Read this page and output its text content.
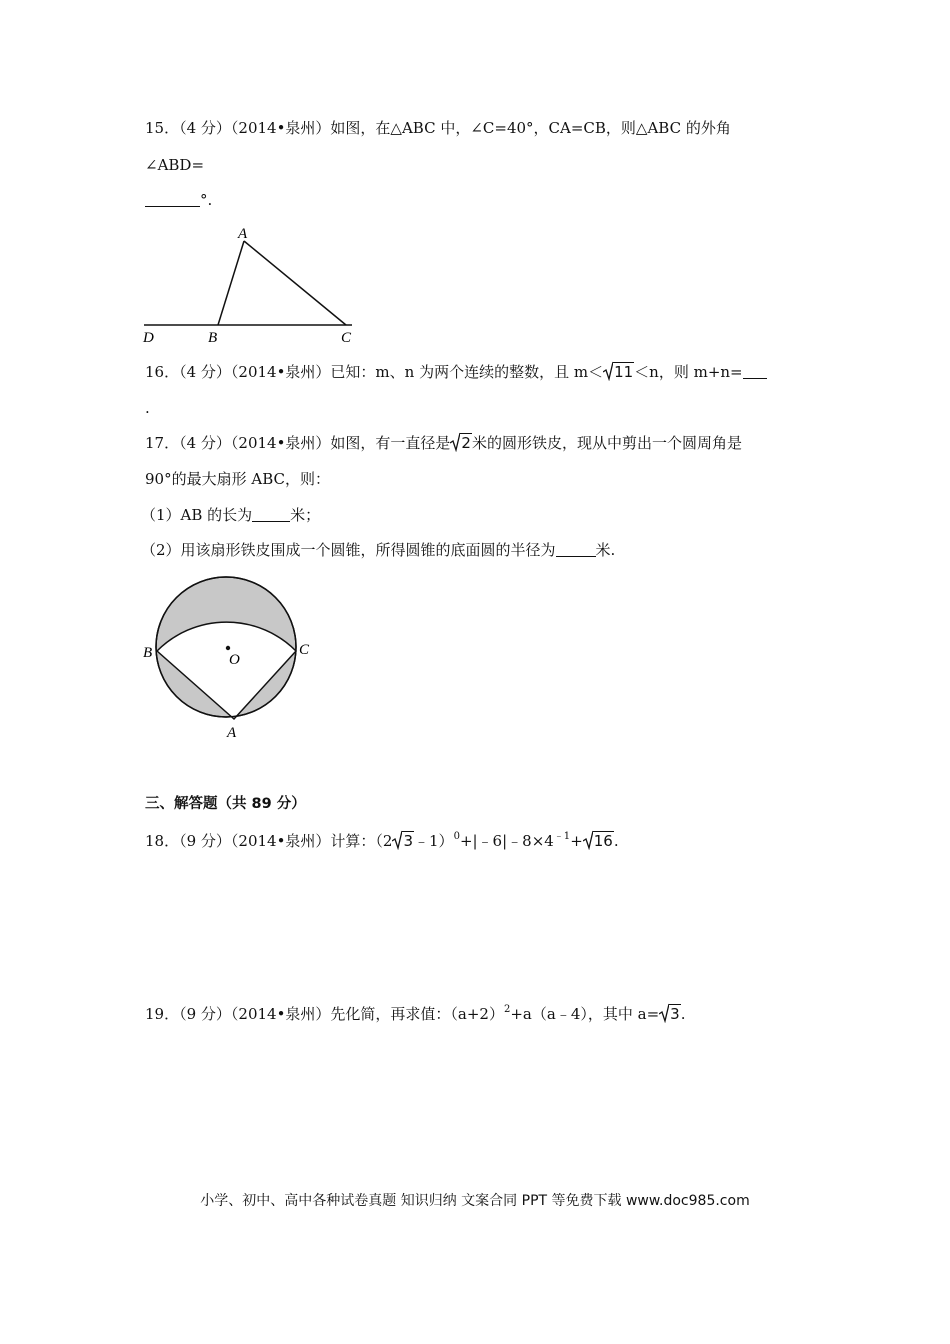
15．（4 分）（2014•泉州）如图，在△ABC 中，∠C=40°，CA=CB，则△ABC 的外角
∠ABD=
°.
A
B	C
D
16．（4 分）（2014•泉州）已知：m、n 为两个连续的整数，且 m＜ 11 ＜n，则 m+n=
.
17．（4 分）（2014•泉州）如图，有一直径是 2 米的圆形铁皮，现从中剪出一个圆周角是
90°的最大扇形 ABC，则：
（1）AB 的长为	米；
（2）用该扇形铁皮围成一个圆锥，所得圆锥的底面圆的半径为	米.
B	C
O
A
三、解答题（共 89 分）
18．（9 分）（2014•泉州）计算：（2 3 $﹣1)^0+|﹣6|﹣8\times 4^{﹣1}+ 16$ .
19．（9 分）（2014•泉州）先化简，再求值：$(a+2)^2+a(a﹣4)$，其中 a= 3 .
小学、初中、高中各种试卷真题 知识归纳 文案合同 PPT 等免费下载 www.doc985.com
